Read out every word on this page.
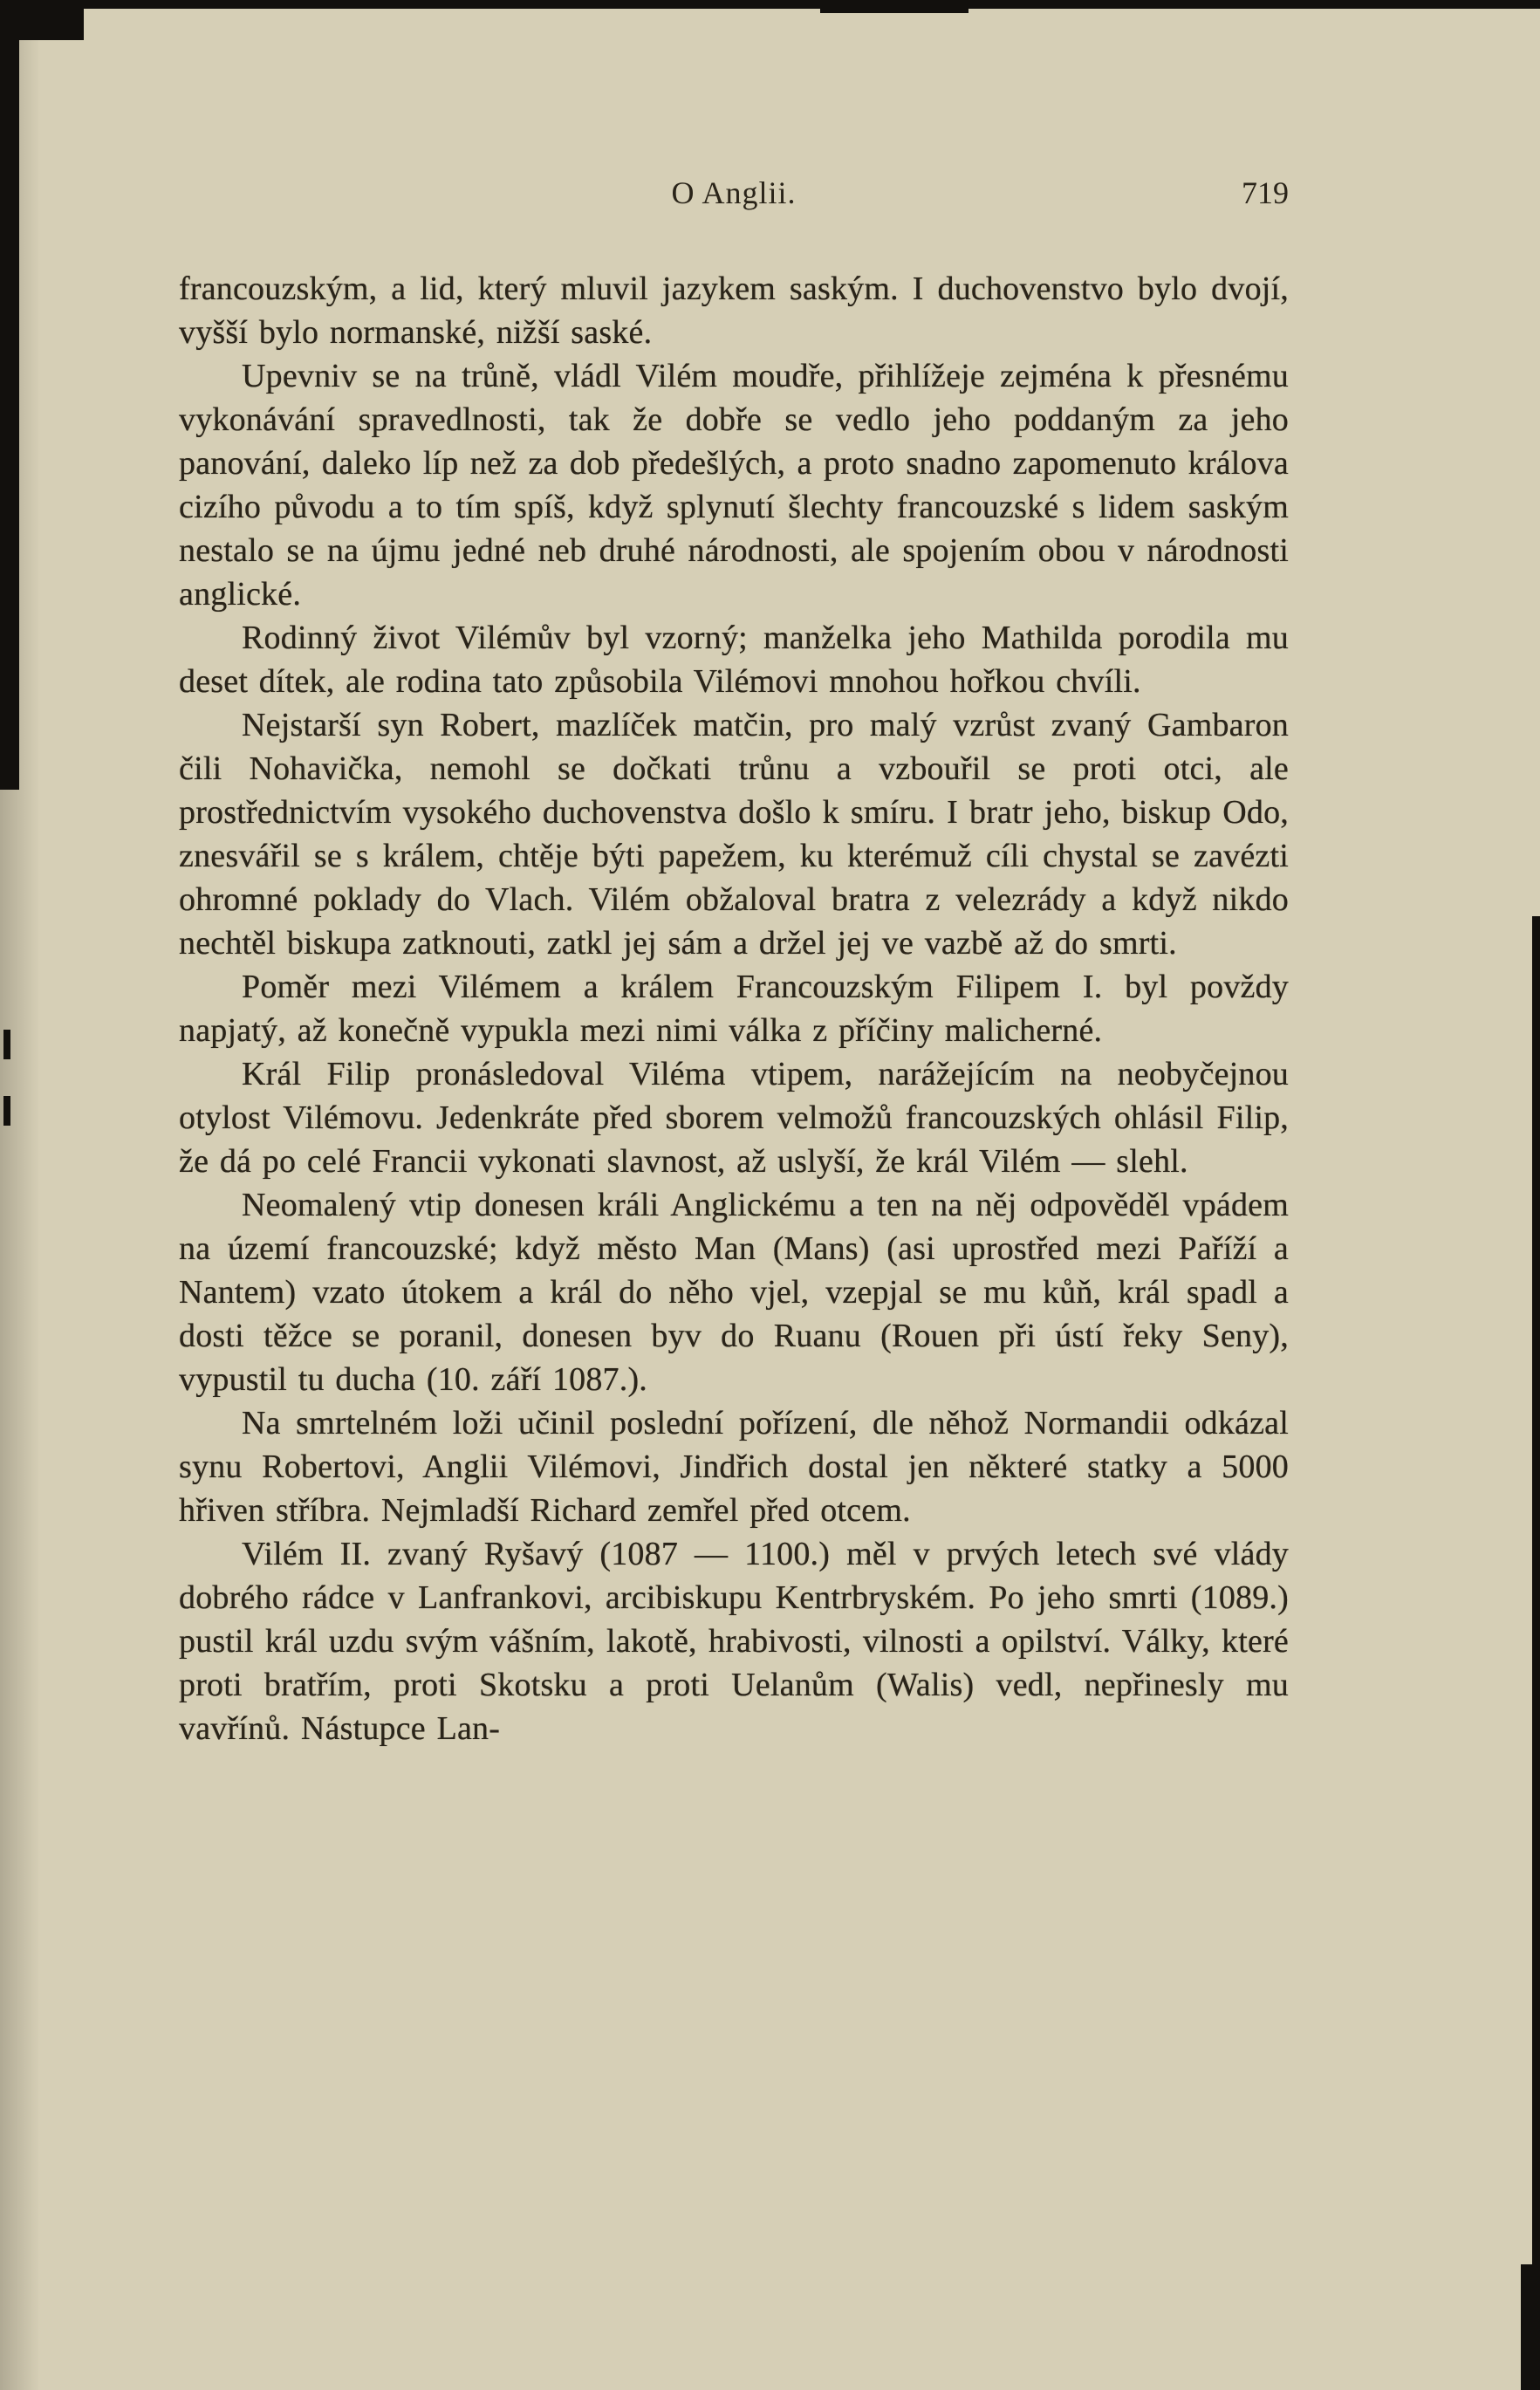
O Anglii.	719

francouzským, a lid, který mluvil jazykem saským. I duchovenstvo bylo dvojí, vyšší bylo normanské, nižší saské.

Upevniv se na trůně, vládl Vilém moudře, přihlížeje zejména k přesnému vykonávání spravedlnosti, tak že dobře se vedlo jeho poddaným za jeho panování, daleko líp než za dob předešlých, a proto snadno zapomenuto králova cizího původu a to tím spíš, když splynutí šlechty francouzské s lidem saským nestalo se na újmu jedné neb druhé národnosti, ale spojením obou v národnosti anglické.

Rodinný život Vilémův byl vzorný; manželka jeho Mathilda porodila mu deset dítek, ale rodina tato způsobila Vilémovi mnohou hořkou chvíli.

Nejstarší syn Robert, mazlíček matčin, pro malý vzrůst zvaný Gambaron čili Nohavička, nemohl se dočkati trůnu a vzbouřil se proti otci, ale prostřednictvím vysokého duchovenstva došlo k smíru. I bratr jeho, biskup Odo, znesvářil se s králem, chtěje býti papežem, ku kterémuž cíli chystal se zavézti ohromné poklady do Vlach. Vilém obžaloval bratra z velezrády a když nikdo nechtěl biskupa zatknouti, zatkl jej sám a držel jej ve vazbě až do smrti.

Poměr mezi Vilémem a králem Francouzským Filipem I. byl povždy napjatý, až konečně vypukla mezi nimi válka z příčiny malicherné.

Král Filip pronásledoval Viléma vtipem, narážejícím na neobyčejnou otylost Vilémovu. Jedenkráte před sborem velmožů francouzských ohlásil Filip, že dá po celé Francii vykonati slavnost, až uslyší, že král Vilém — slehl.

Neomalený vtip donesen králi Anglickému a ten na něj odpověděl vpádem na území francouzské; když město Man (Mans) (asi uprostřed mezi Paříží a Nantem) vzato útokem a král do něho vjel, vzepjal se mu kůň, král spadl a dosti těžce se poranil, donesen byv do Ruanu (Rouen při ústí řeky Seny), vypustil tu ducha (10. září 1087.).

Na smrtelném loži učinil poslední pořízení, dle něhož Normandii odkázal synu Robertovi, Anglii Vilémovi, Jindřich dostal jen některé statky a 5000 hřiven stříbra. Nejmladší Richard zemřel před otcem.

Vilém II. zvaný Ryšavý (1087 — 1100.) měl v prvých letech své vlády dobrého rádce v Lanfrankovi, arcibiskupu Kentrbryském. Po jeho smrti (1089.) pustil král uzdu svým vášním, lakotě, hrabivosti, vilnosti a opilství. Války, které proti bratřím, proti Skotsku a proti Uelanům (Walis) vedl, nepřinesly mu vavřínů. Nástupce Lan-
